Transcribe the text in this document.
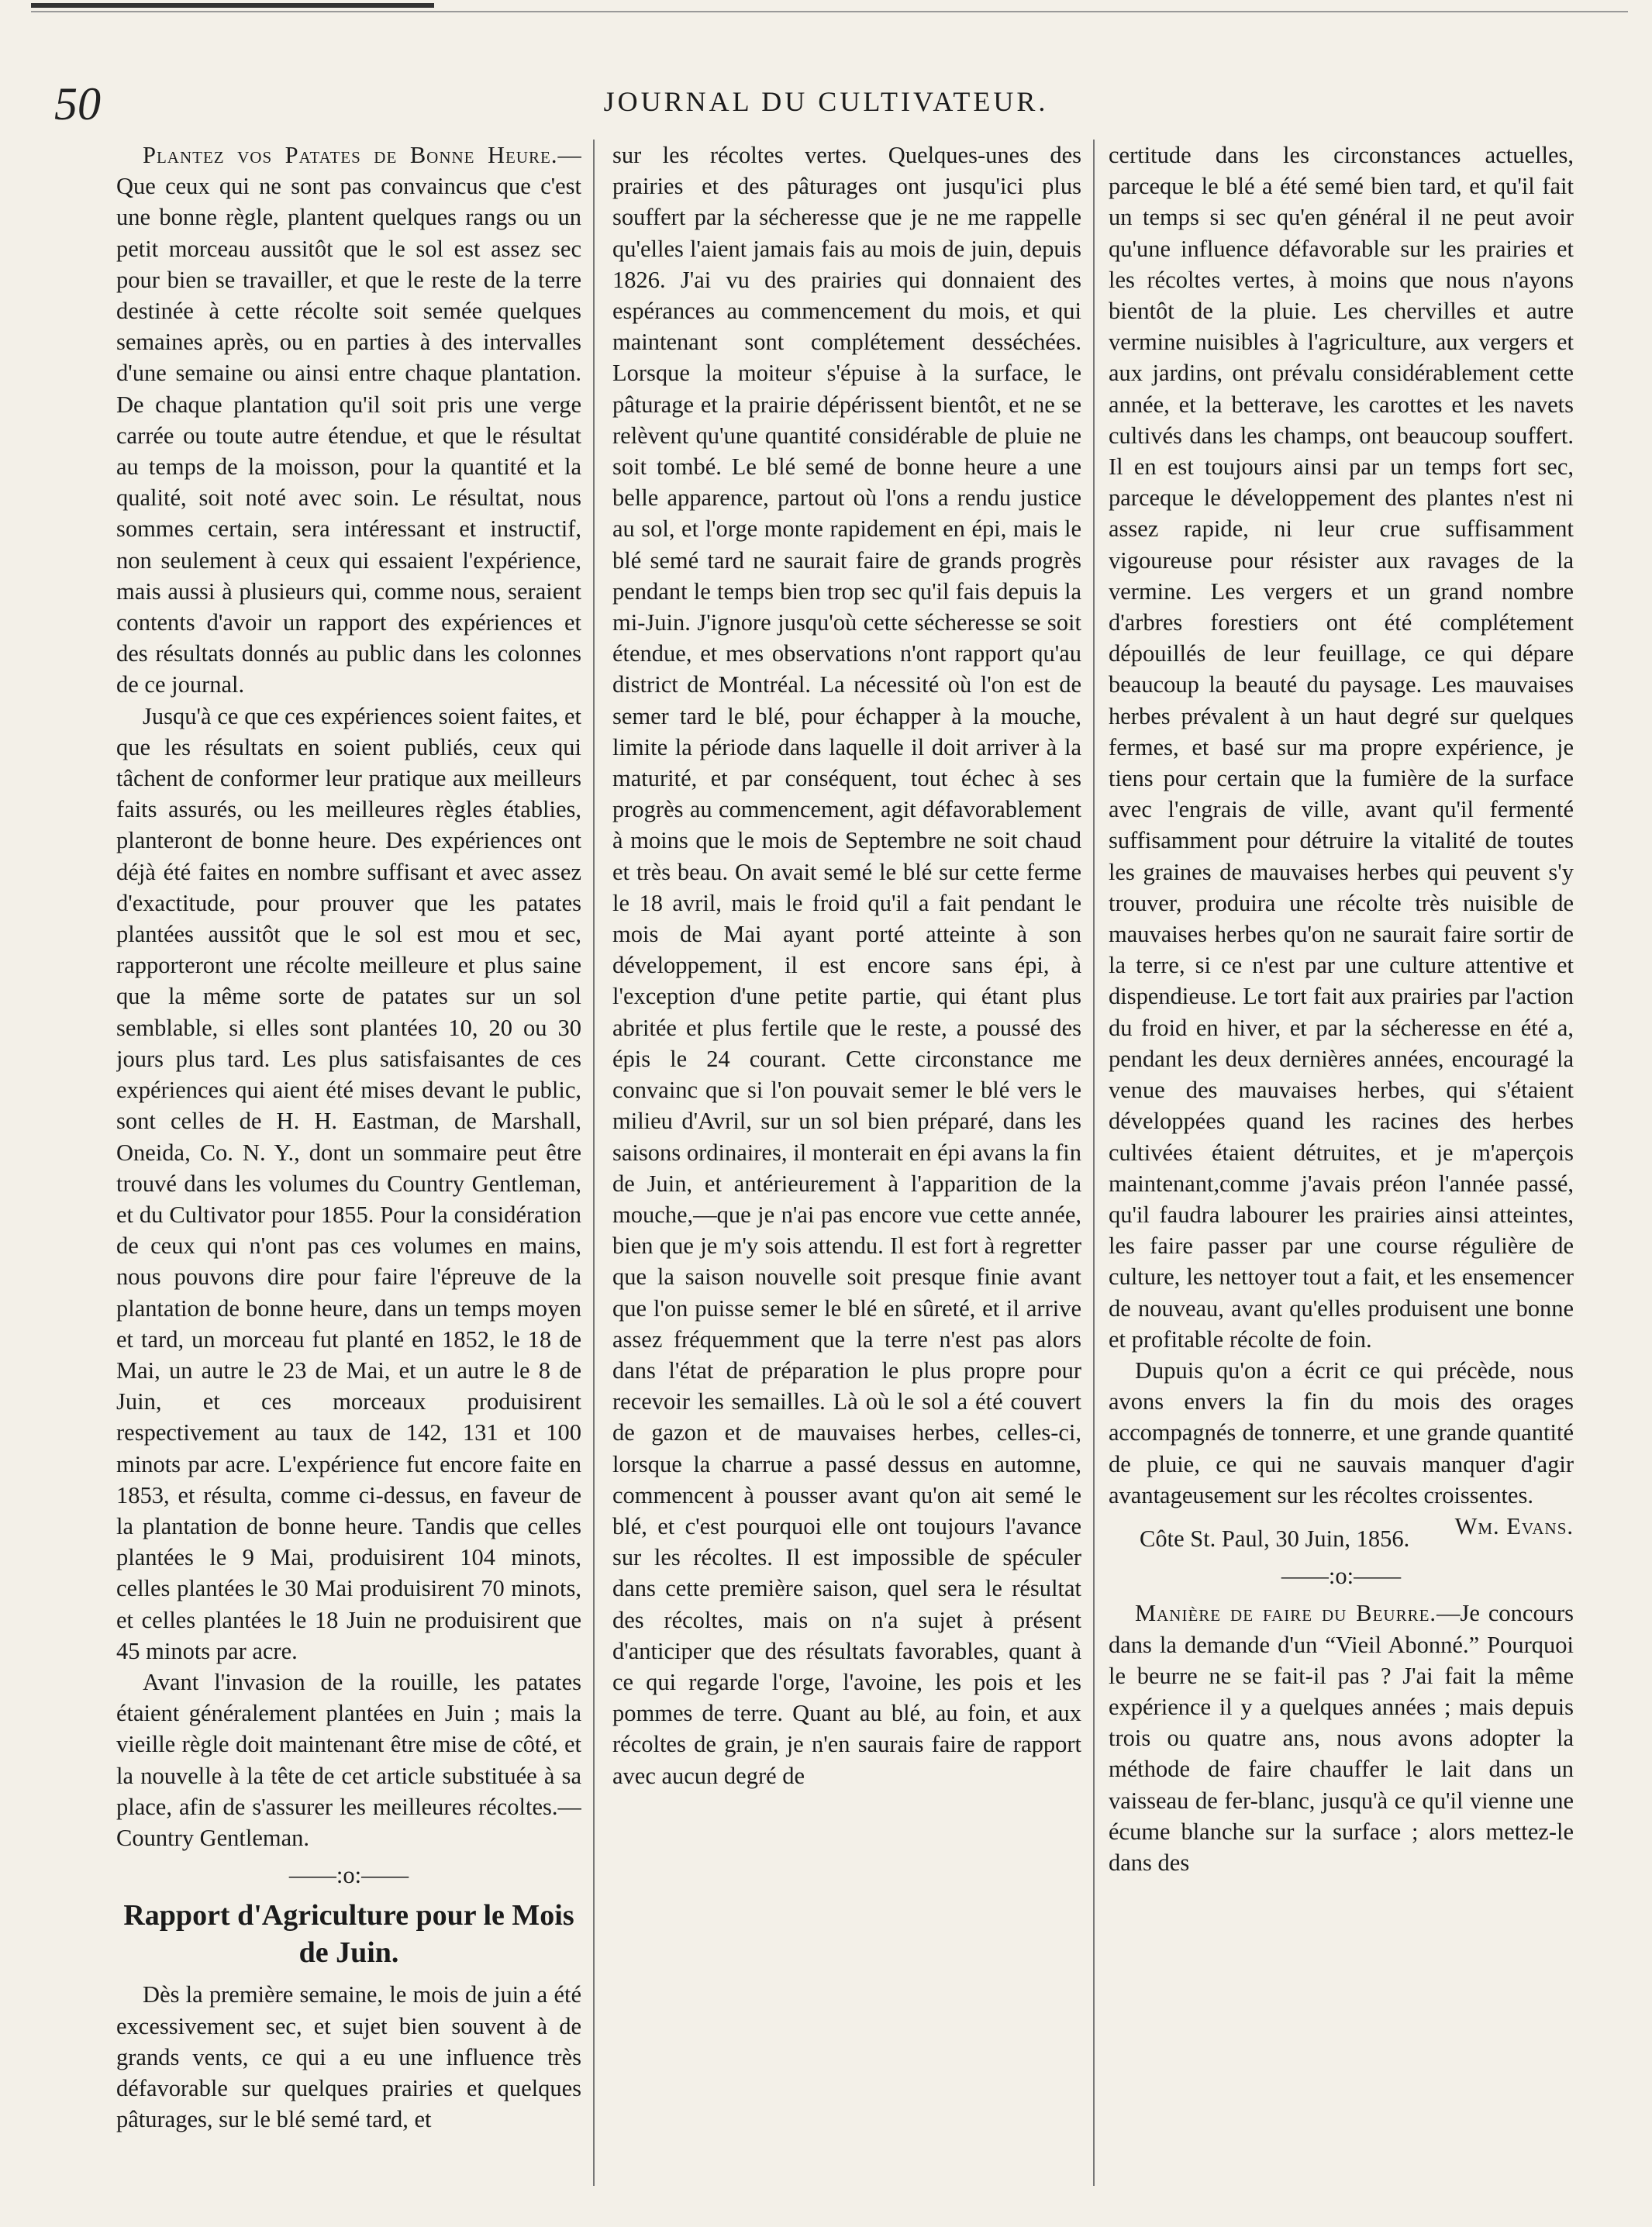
50	JOURNAL DU CULTIVATEUR.

Plantez vos Patates de Bonne Heure.—Que ceux qui ne sont pas convaincus que c'est une bonne règle, plantent quelques rangs ou un petit morceau aussitôt que le sol est assez sec pour bien se travailler, et que le reste de la terre destinée à cette récolte soit semée quelques semaines après, ou en parties à des intervalles d'une semaine ou ainsi entre chaque plantation. De chaque plantation qu'il soit pris une verge carrée ou toute autre étendue, et que le résultat au temps de la moisson, pour la quantité et la qualité, soit noté avec soin. Le résultat, nous sommes certain, sera intéressant et instructif, non seulement à ceux qui essaient l'expérience, mais aussi à plusieurs qui, comme nous, seraient contents d'avoir un rapport des expériences et des résultats donnés au public dans les colonnes de ce journal.

Jusqu'à ce que ces expériences soient faites, et que les résultats en soient publiés, ceux qui tâchent de conformer leur pratique aux meilleurs faits assurés, ou les meilleures règles établies, planteront de bonne heure. Des expériences ont déjà été faites en nombre suffisant et avec assez d'exactitude, pour prouver que les patates plantées aussitôt que le sol est mou et sec, rapporteront une récolte meilleure et plus saine que la même sorte de patates sur un sol semblable, si elles sont plantées 10, 20 ou 30 jours plus tard. Les plus satisfaisantes de ces expériences qui aient été mises devant le public, sont celles de H. H. Eastman, de Marshall, Oneida, Co. N. Y., dont un sommaire peut être trouvé dans les volumes du Country Gentleman, et du Cultivator pour 1855. Pour la considération de ceux qui n'ont pas ces volumes en mains, nous pouvons dire pour faire l'épreuve de la plantation de bonne heure, dans un temps moyen et tard, un morceau fut planté en 1852, le 18 de Mai, un autre le 23 de Mai, et un autre le 8 de Juin, et ces morceaux produisirent respectivement au taux de 142, 131 et 100 minots par acre. L'expérience fut encore faite en 1853, et résulta, comme ci-dessus, en faveur de la plantation de bonne heure. Tandis que celles plantées le 9 Mai, produisirent 104 minots, celles plantées le 30 Mai produisirent 70 minots, et celles plantées le 18 Juin ne produisirent que 45 minots par acre.

Avant l'invasion de la rouille, les patates étaient généralement plantées en Juin ; mais la vieille règle doit maintenant être mise de côté, et la nouvelle à la tête de cet article substituée à sa place, afin de s'assurer les meilleures récoltes.—Country Gentleman.

——:o:——

Rapport d'Agriculture pour le Mois de Juin.

Dès la première semaine, le mois de juin a été excessivement sec, et sujet bien souvent à de grands vents, ce qui a eu une influence très défavorable sur quelques prairies et quelques pâturages, sur le blé semé tard, et

sur les récoltes vertes. Quelques-unes des prairies et des pâturages ont jusqu'ici plus souffert par la sécheresse que je ne me rappelle qu'elles l'aient jamais fais au mois de juin, depuis 1826. J'ai vu des prairies qui donnaient des espérances au commencement du mois, et qui maintenant sont complétement desséchées. Lorsque la moiteur s'épuise à la surface, le pâturage et la prairie dépérissent bientôt, et ne se relèvent qu'une quantité considérable de pluie ne soit tombé. Le blé semé de bonne heure a une belle apparence, partout où l'ons a rendu justice au sol, et l'orge monte rapidement en épi, mais le blé semé tard ne saurait faire de grands progrès pendant le temps bien trop sec qu'il fais depuis la mi-Juin. J'ignore jusqu'où cette sécheresse se soit étendue, et mes observations n'ont rapport qu'au district de Montréal. La nécessité où l'on est de semer tard le blé, pour échapper à la mouche, limite la période dans laquelle il doit arriver à la maturité, et par conséquent, tout échec à ses progrès au commencement, agit défavorablement à moins que le mois de Septembre ne soit chaud et très beau. On avait semé le blé sur cette ferme le 18 avril, mais le froid qu'il a fait pendant le mois de Mai ayant porté atteinte à son développement, il est encore sans épi, à l'exception d'une petite partie, qui étant plus abritée et plus fertile que le reste, a poussé des épis le 24 courant. Cette circonstance me convainc que si l'on pouvait semer le blé vers le milieu d'Avril, sur un sol bien préparé, dans les saisons ordinaires, il monterait en épi avans la fin de Juin, et antérieurement à l'apparition de la mouche,—que je n'ai pas encore vue cette année, bien que je m'y sois attendu. Il est fort à regretter que la saison nouvelle soit presque finie avant que l'on puisse semer le blé en sûreté, et il arrive assez fréquemment que la terre n'est pas alors dans l'état de préparation le plus propre pour recevoir les semailles. Là où le sol a été couvert de gazon et de mauvaises herbes, celles-ci, lorsque la charrue a passé dessus en automne, commencent à pousser avant qu'on ait semé le blé, et c'est pourquoi elle ont toujours l'avance sur les récoltes. Il est impossible de spéculer dans cette première saison, quel sera le résultat des récoltes, mais on n'a sujet à présent d'anticiper que des résultats favorables, quant à ce qui regarde l'orge, l'avoine, les pois et les pommes de terre. Quant au blé, au foin, et aux récoltes de grain, je n'en saurais faire de rapport avec aucun degré de

certitude dans les circonstances actuelles, parceque le blé a été semé bien tard, et qu'il fait un temps si sec qu'en général il ne peut avoir qu'une influence défavorable sur les prairies et les récoltes vertes, à moins que nous n'ayons bientôt de la pluie. Les chervilles et autre vermine nuisibles à l'agriculture, aux vergers et aux jardins, ont prévalu considérablement cette année, et la betterave, les carottes et les navets cultivés dans les champs, ont beaucoup souffert. Il en est toujours ainsi par un temps fort sec, parceque le développement des plantes n'est ni assez rapide, ni leur crue suffisamment vigoureuse pour résister aux ravages de la vermine. Les vergers et un grand nombre d'arbres forestiers ont été complétement dépouillés de leur feuillage, ce qui dépare beaucoup la beauté du paysage. Les mauvaises herbes prévalent à un haut degré sur quelques fermes, et basé sur ma propre expérience, je tiens pour certain que la fumière de la surface avec l'engrais de ville, avant qu'il fermenté suffisamment pour détruire la vitalité de toutes les graines de mauvaises herbes qui peuvent s'y trouver, produira une récolte très nuisible de mauvaises herbes qu'on ne saurait faire sortir de la terre, si ce n'est par une culture attentive et dispendieuse. Le tort fait aux prairies par l'action du froid en hiver, et par la sécheresse en été a, pendant les deux dernières années, encouragé la venue des mauvaises herbes, qui s'étaient développées quand les racines des herbes cultivées étaient détruites, et je m'aperçois maintenant,comme j'avais préon l'année passé, qu'il faudra labourer les prairies ainsi atteintes, les faire passer par une course régulière de culture, les nettoyer tout a fait, et les ensemencer de nouveau, avant qu'elles produisent une bonne et profitable récolte de foin.

Dupuis qu'on a écrit ce qui précède, nous avons envers la fin du mois des orages accompagnés de tonnerre, et une grande quantité de pluie, ce qui ne sauvais manquer d'agir avantageusement sur les récoltes croissentes.
Wm. Evans.

Côte St. Paul, 30 Juin, 1856.

——:o:——

Manière de faire du Beurre.—Je concours dans la demande d'un “Vieil Abonné.” Pourquoi le beurre ne se fait-il pas ? J'ai fait la même expérience il y a quelques années ; mais depuis trois ou quatre ans, nous avons adopter la méthode de faire chauffer le lait dans un vaisseau de fer-blanc, jusqu'à ce qu'il vienne une écume blanche sur la surface ; alors mettez-le dans des
